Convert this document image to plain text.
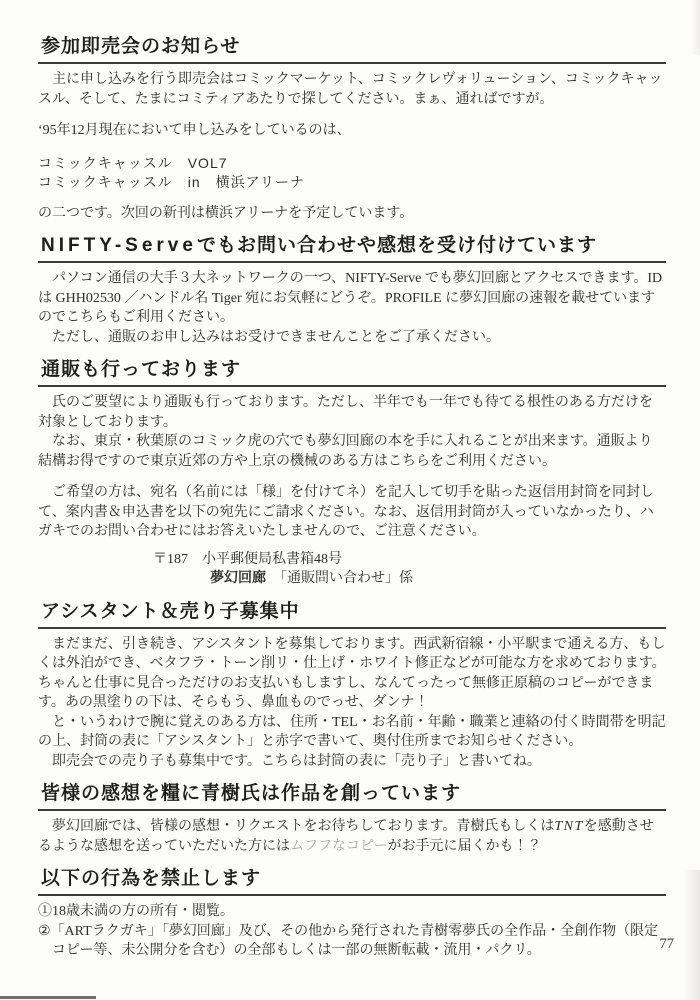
参加即売会のお知らせ

　主に申し込みを行う即売会はコミックマーケット、コミックレヴォリューション、コミックキャッスル、そして、たまにコミティアあたりで探してください。まぁ、通ればですが。

‘95年12月現在において申し込みをしているのは、

コミックキャッスル　VOL7

コミックキャッスル　in　横浜アリーナ

の二つです。次回の新刊は横浜アリーナを予定しています。

NIFTY-Serveでもお問い合わせや感想を受け付けています

　パソコン通信の大手３大ネットワークの一つ、NIFTY-Serve でも夢幻回廊とアクセスできます。ID は GHH02530 ／ハンドル名 Tiger 宛にお気軽にどうぞ。PROFILE に夢幻回廊の速報を載せていますのでこちらもご利用ください。

　ただし、通販のお申し込みはお受けできませんことをご了承ください。

通販も行っております

　氏のご要望により通販も行っております。ただし、半年でも一年でも待てる根性のある方だけを対象としております。

　なお、東京・秋葉原のコミック虎の穴でも夢幻回廊の本を手に入れることが出来ます。通販より結構お得ですので東京近郊の方や上京の機械のある方はこちらをご利用ください。

　ご希望の方は、宛名（名前には「様」を付けてネ）を記入して切手を貼った返信用封筒を同封して、案内書＆申込書を以下の宛先にご請求ください。なお、返信用封筒が入っていなかったり、ハガキでのお問い合わせにはお答えいたしませんので、ご注意ください。

〒187　小平郵便局私書箱48号

夢幻回廊　「通販問い合わせ」係

アシスタント＆売り子募集中

　まだまだ、引き続き、アシスタントを募集しております。西武新宿線・小平駅まで通える方、もしくは外泊ができ、ベタフラ・トーン削リ・仕上げ・ホワイト修正などが可能な方を求めております。ちゃんと仕事に見合っただけのお支払いもしますし、なんてったって無修正原稿のコピーができます。あの黒塗りの下は、そらもう、鼻血ものでっせ、ダンナ！

　と・いうわけで腕に覚えのある方は、住所・TEL・お名前・年齢・職業と連絡の付く時間帯を明記の上、封筒の表に「アシスタント」と赤字で書いて、奥付住所までお知らせください。

　即売会での売り子も募集中です。こちらは封筒の表に「売り子」と書いてね。

皆様の感想を糧に青樹氏は作品を創っています

　夢幻回廊では、皆様の感想・リクエストをお待ちしております。青樹氏もしくはTNTを感動させるような感想を送っていただいた方にはムフフなコピーがお手元に届くかも！？

以下の行為を禁止します

①18歳未満の方の所有・閲覧。

②「ARTラクガキ」「夢幻回廊」及び、その他から発行された青樹零夢氏の全作品・全創作物（限定コピー等、未公開分を含む）の全部もしくは一部の無断転載・流用・パクリ。	77
